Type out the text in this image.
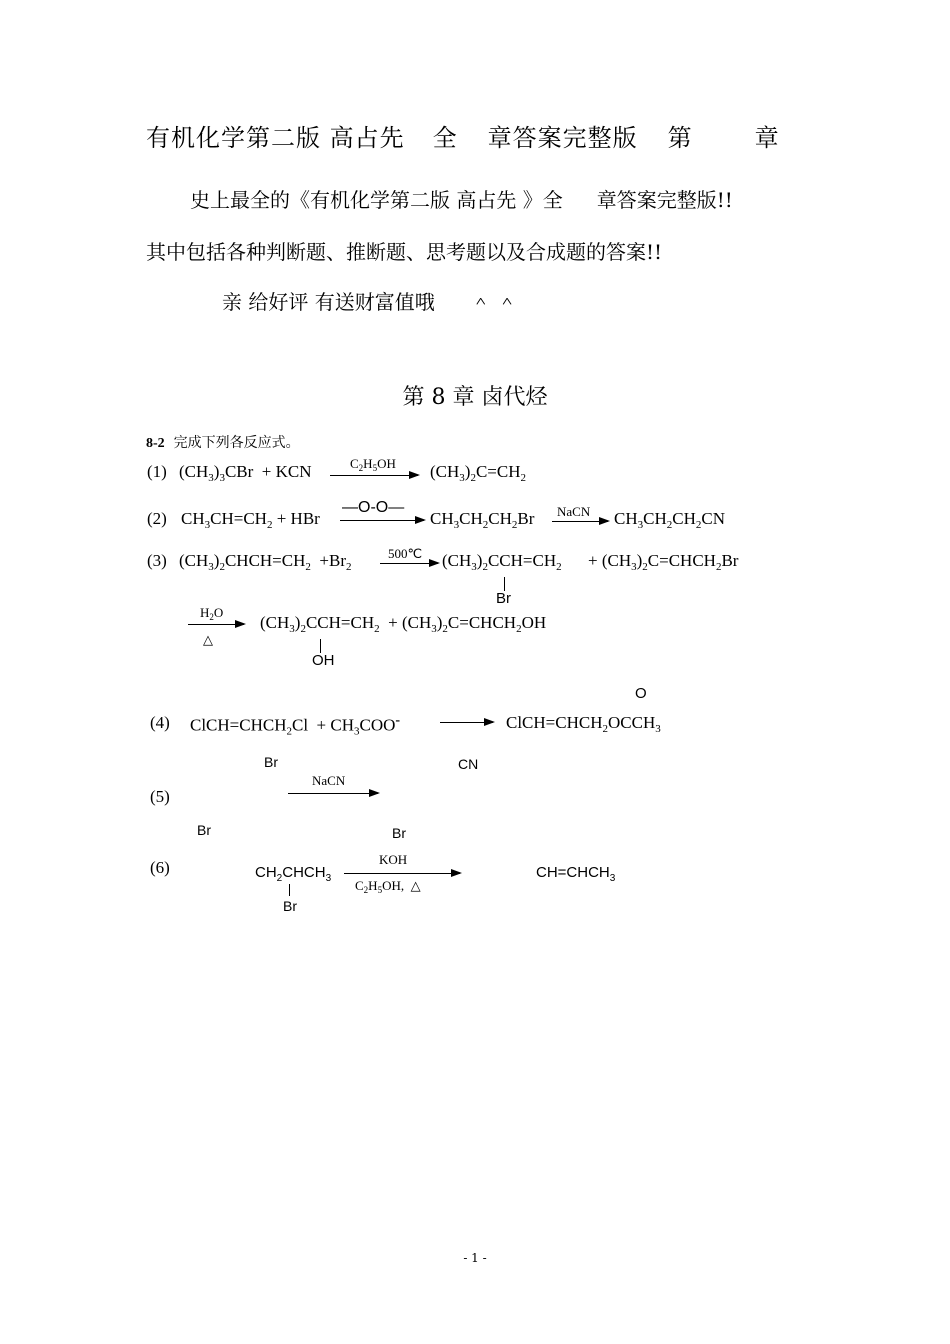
有机化学第二版 高占先 全 章答案完整版 第	章
史上最全的《有机化学第二版 高占先 》全 章答案完整版!!
其中包括各种判断题、推断题、思考题以及合成题的答案!!
亲 给好评 有送财富值哦 ＾ ＾
第 8 章 卤代烃
8-2 完成下列各反应式。
(1) $(CH_3)_3CBr$  + KCN	$C_2H_5OH$ $(CH_3)_2C=CH_2$
(2) $CH_3CH=CH_2$ + HBr
—O-O—
$CH_3CH_2CH_2Br$ NaCN → $CH_3CH_2CH_2CN$
(3) $(CH_3)_2CHCH=CH_2 +Br_2$
500℃ → $(CH_3)_2CCH=CH_2$
Br
+ $(CH_3)_2C=CHCH_2Br$
$H_2O$
△
$(CH_3)_2CCH=CH_2$  + $(CH_3)_2C=CHCH_2OH$
OH
O
(4) $ClCH=CHCH_2Cl + CH_3COO^-$ → $ClCH=CHCH_2OCCH_3$
Br	CN
NaCN
(5)
Br	Br
(6)	KOH
$CH_2CHCH_3$
Br
$C_2H_5OH$,  △
$CH=CHCH_3$
- 1 -
